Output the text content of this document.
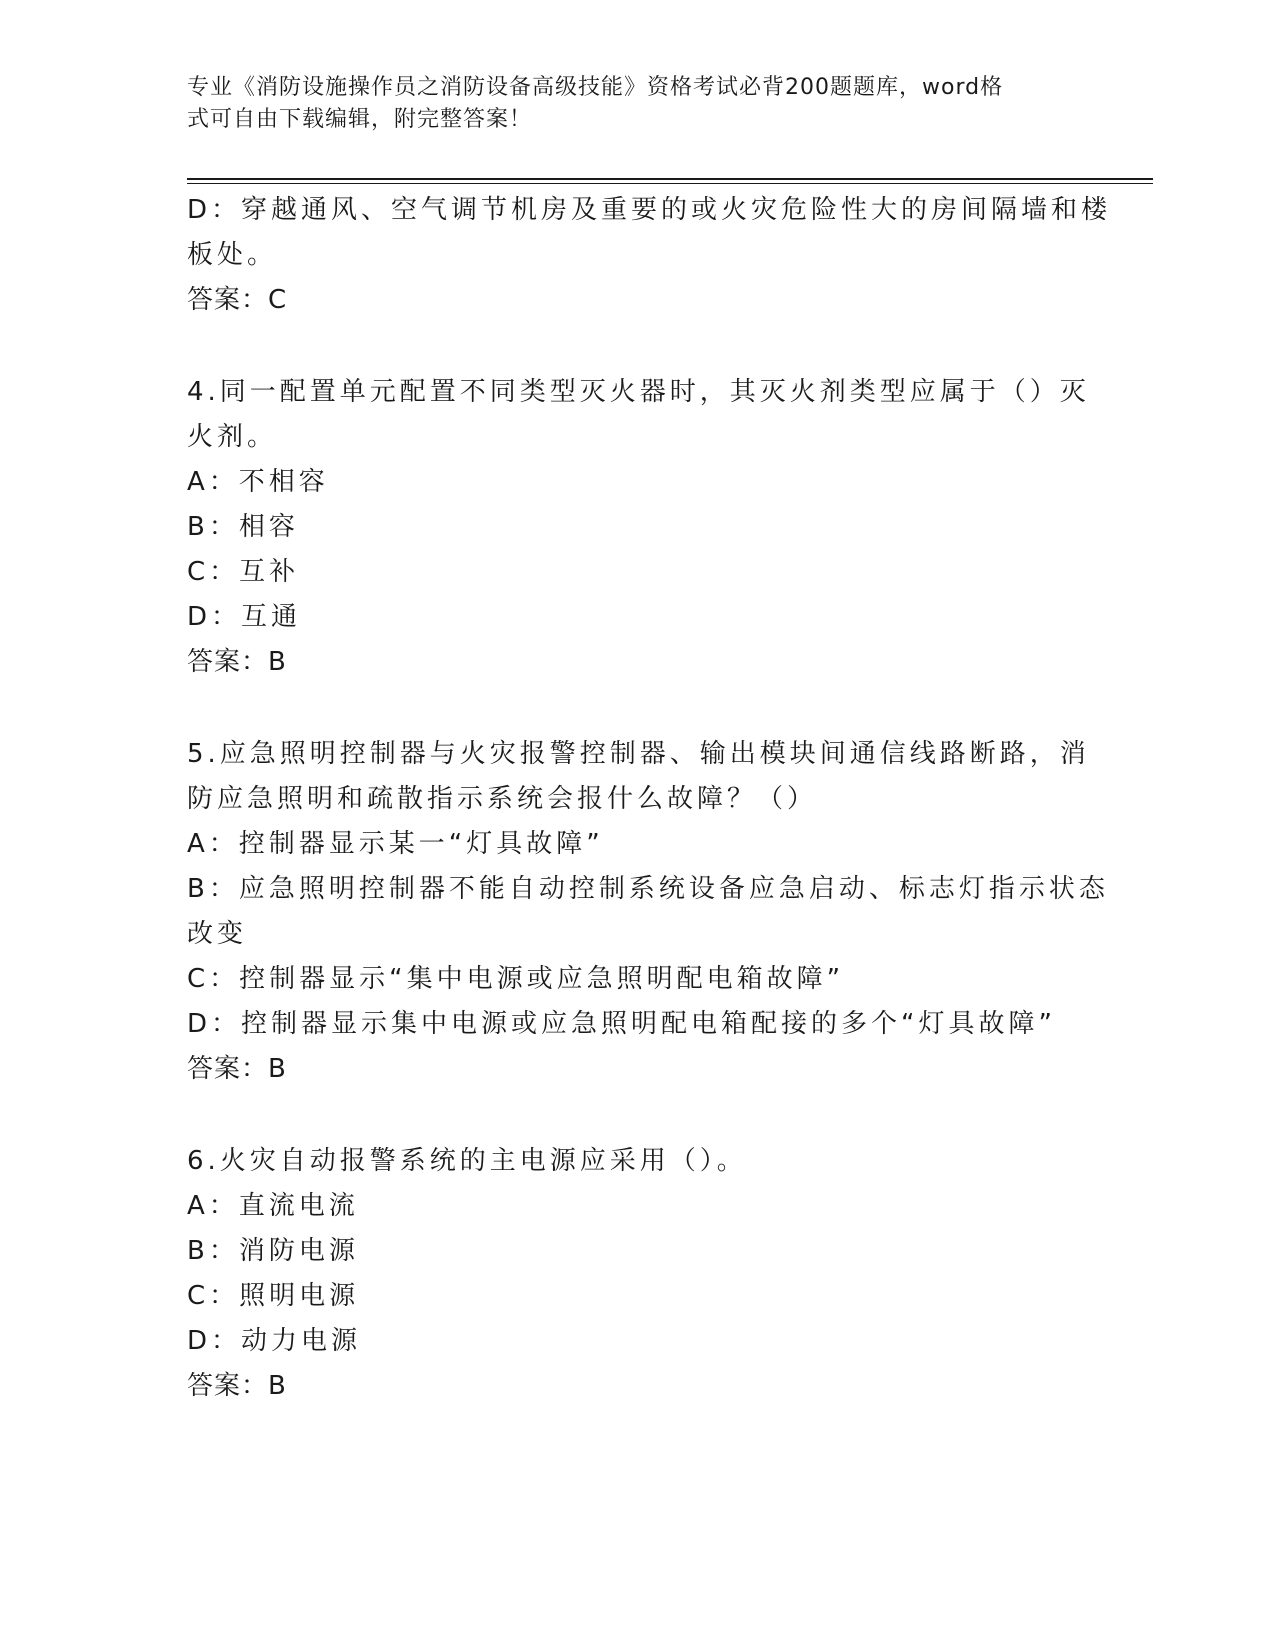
专业《消防设施操作员之消防设备高级技能》资格考试必背200题题库，word格
式可自由下载编辑，附完整答案！
D：穿越通风、空气调节机房及重要的或火灾危险性大的房间隔墙和楼
板处。
答案：C
4.同一配置单元配置不同类型灭火器时，其灭火剂类型应属于（）灭
火剂。
A：不相容
B：相容
C：互补
D：互通
答案：B
5.应急照明控制器与火灾报警控制器、输出模块间通信线路断路，消
防应急照明和疏散指示系统会报什么故障？（）
A：控制器显示某一“灯具故障”
B：应急照明控制器不能自动控制系统设备应急启动、标志灯指示状态
改变
C：控制器显示“集中电源或应急照明配电箱故障”
D：控制器显示集中电源或应急照明配电箱配接的多个“灯具故障”
答案：B
6.火灾自动报警系统的主电源应采用（）。
A：直流电流
B：消防电源
C：照明电源
D：动力电源
答案：B
